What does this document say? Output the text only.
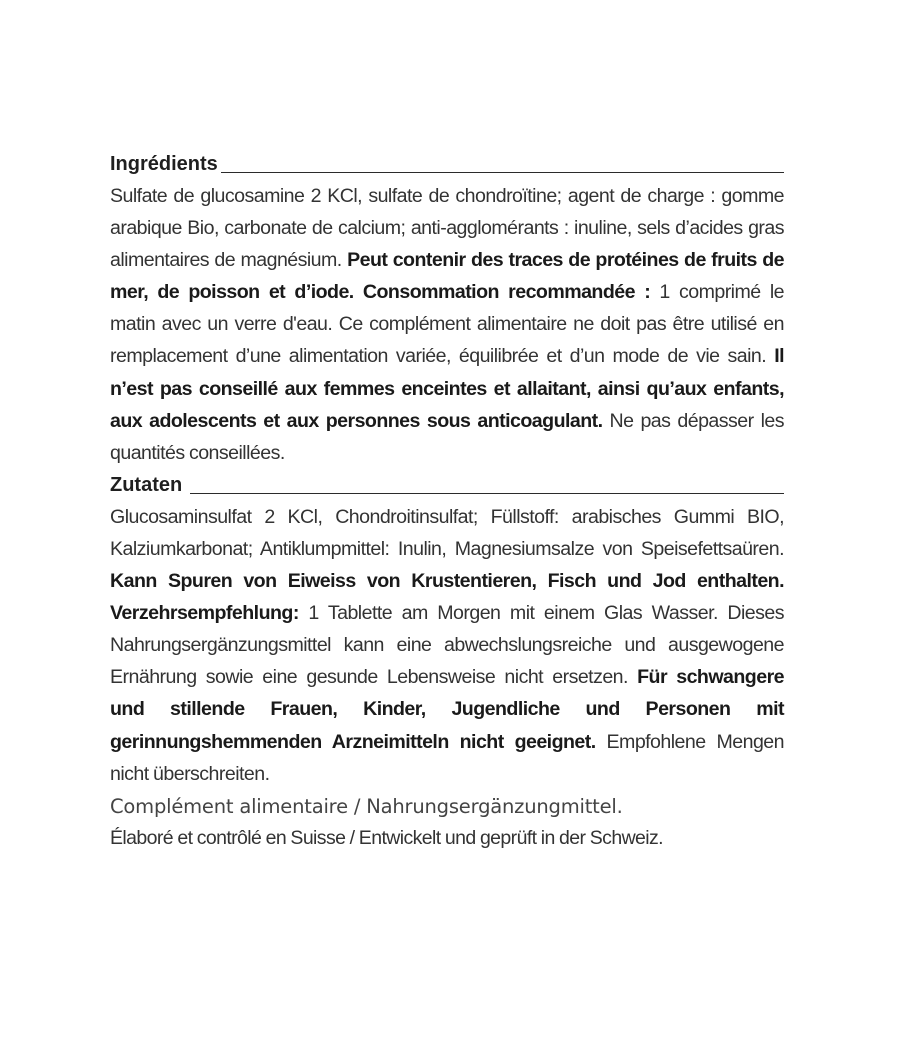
Ingrédients

Sulfate de glucosamine 2 KCl, sulfate de chondroïtine; agent de charge : gomme arabique Bio, carbonate de calcium; anti-agglomérants : inuline, sels d’acides gras alimentaires de magnésium. Peut contenir des traces de protéines de fruits de mer, de poisson et d’iode. Consommation recommandée : 1 comprimé le matin avec un verre d'eau. Ce complément alimentaire ne doit pas être utilisé en remplacement d’une alimentation variée, équilibrée et d’un mode de vie sain. Il n’est pas conseillé aux femmes enceintes et allaitant, ainsi qu’aux enfants, aux adolescents et aux personnes sous anticoagulant. Ne pas dépasser les quantités conseillées.

Zutaten

Glucosaminsulfat 2 KCl, Chondroitinsulfat; Füllstoff: arabisches Gummi BIO, Kalziumkarbonat; Antiklumpmittel: Inulin, Magnesiumsalze von Speisefettsaüren. Kann Spuren von Eiweiss von Krustentieren, Fisch und Jod enthalten. Verzehrsempfehlung: 1 Tablette am Morgen mit einem Glas Wasser. Dieses Nahrungsergänzungsmittel kann eine abwechslungsreiche und ausgewogene Ernährung sowie eine gesunde Lebensweise nicht ersetzen. Für schwangere und stillende Frauen, Kinder, Jugendliche und Personen mit gerinnungshemmenden Arzneimitteln nicht geeignet. Empfohlene Mengen nicht überschreiten.

Complément alimentaire / Nahrungsergänzungmittel.
Élaboré et contrôlé en Suisse / Entwickelt und geprüft in der Schweiz.
